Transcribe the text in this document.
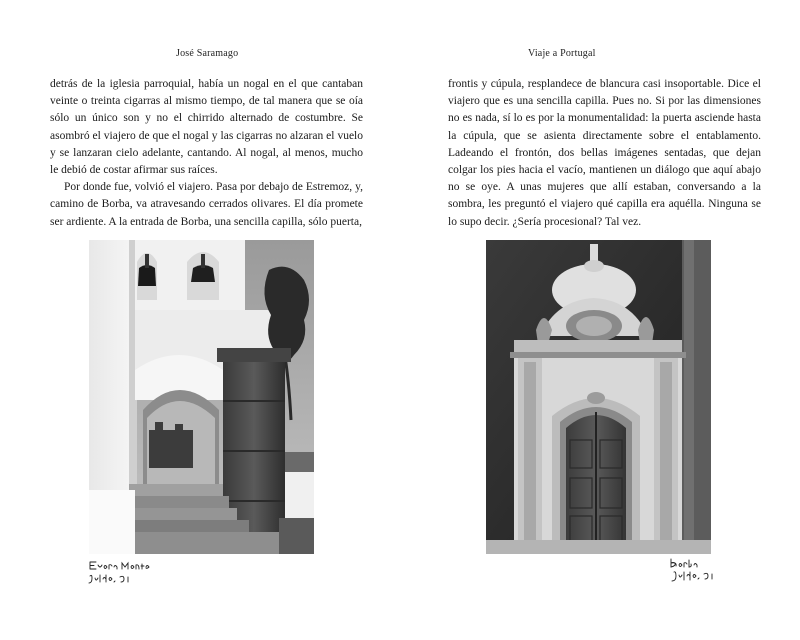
José Saramago

detrás de la iglesia parroquial, había un nogal en el que cantaban veinte o treinta cigarras al mismo tiempo, de tal manera que se oía sólo un único son y no el chirrido alternado de costumbre. Se asombró el viajero de que el nogal y las cigarras no alzaran el vuelo y se lanzaran cielo adelante, cantando. Al nogal, al menos, mucho le debió de costar afirmar sus raíces.

Por donde fue, volvió el viajero. Pasa por debajo de Estremoz, y, camino de Borba, va atravesando cerrados olivares. El día promete ser ardiente. A la entrada de Borba, una sencilla capilla, sólo puerta,

Viaje a Portugal

frontis y cúpula, resplandece de blancura casi insoportable. Dice el viajero que es una sencilla capilla. Pues no. Si por las dimensiones no es nada, sí lo es por la monumentalidad: la puerta asciende hasta la cúpula, que se asienta directamente sobre el entablamento. Ladeando el frontón, dos bellas imágenes sentadas, que dejan colgar los pies hacia el vacío, mantienen un diálogo que aquí abajo no se oye. A unas mujeres que allí estaban, conversando a la sombra, les preguntó el viajero qué capilla era aquélla. Ninguna se lo supo decir. ¿Sería procesional? Tal vez.
